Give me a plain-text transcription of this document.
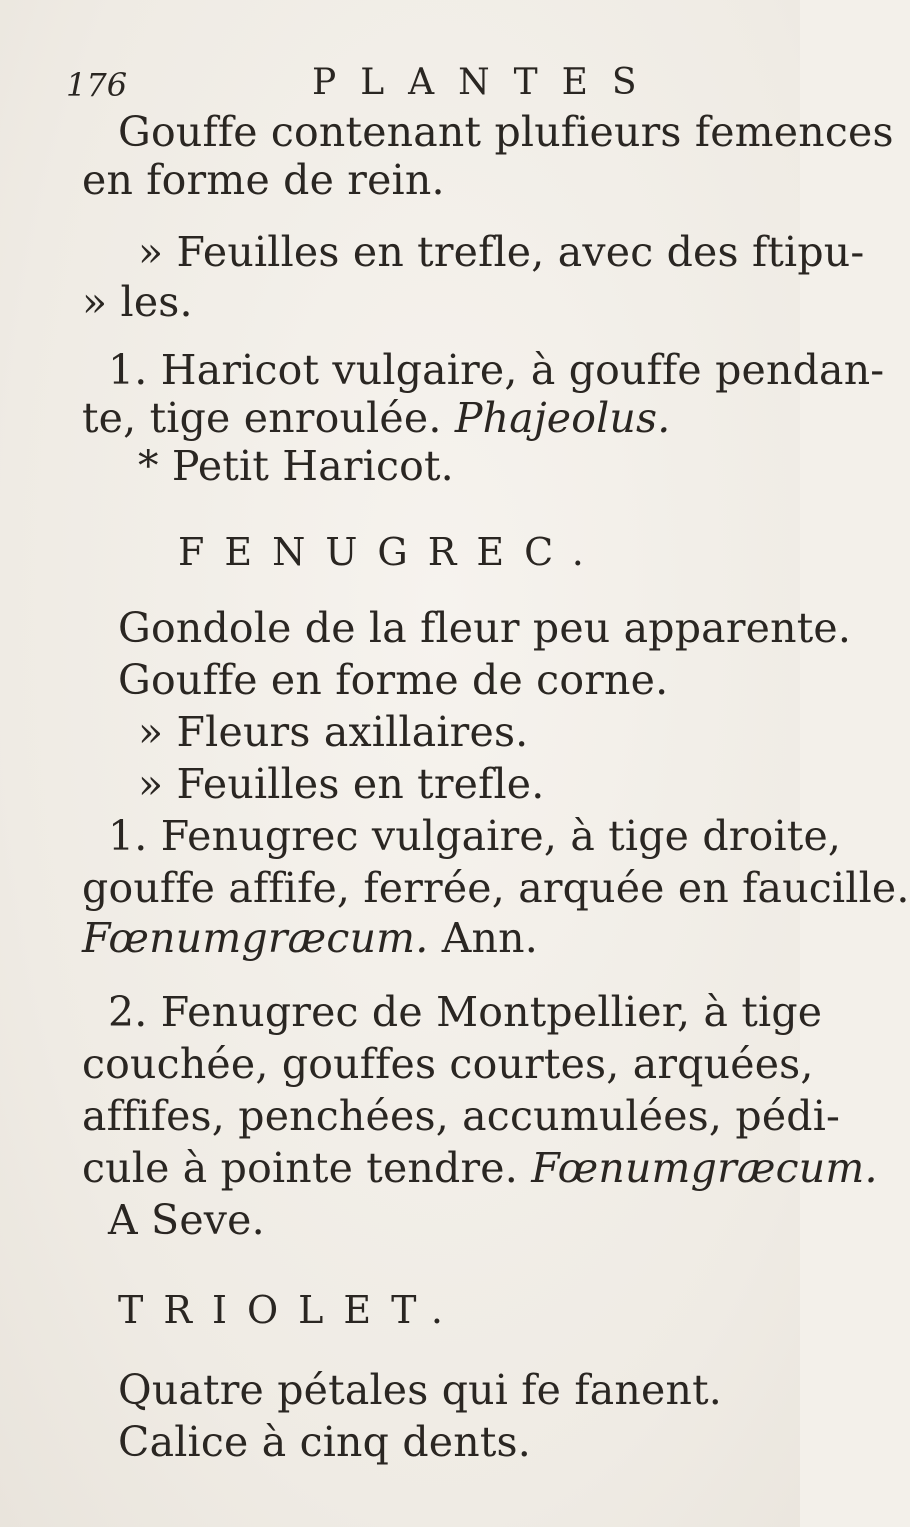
176	PLANTES
Gouffe contenant plufieurs femences
en forme de rein.
» Feuilles en trefle, avec des ftipu-
» les.
1. Haricot vulgaire, à gouffe pendan-
te, tige enroulée. Phajeolus.
* Petit Haricot.
FENUGREC.
Gondole de la fleur peu apparente.
Gouffe en forme de corne.
» Fleurs axillaires.
» Feuilles en trefle.
1. Fenugrec vulgaire, à tige droite,
gouffe affife, ferrée, arquée en faucille.
Fœnumgræcum. Ann.
2. Fenugrec de Montpellier, à tige
couchée, gouffes courtes, arquées,
affifes, penchées, accumulées, pédi-
cule à pointe tendre. Fœnumgræcum.
A Seve.
TRIOLET.
Quatre pétales qui fe fanent.
Calice à cinq dents.
